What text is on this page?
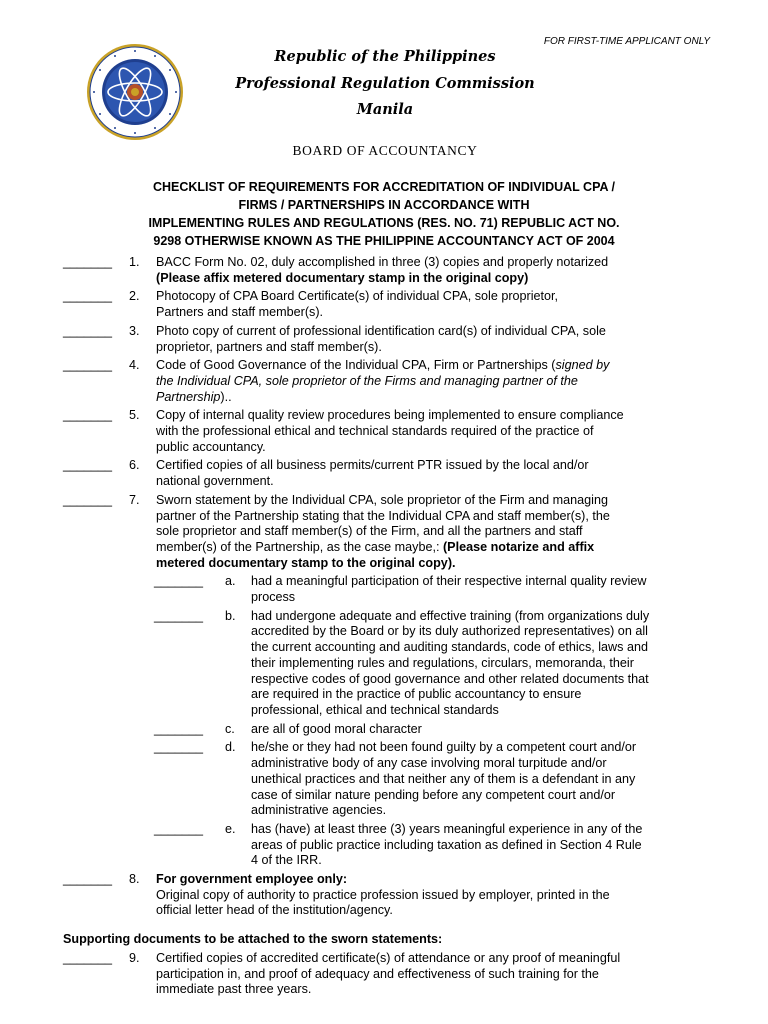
FOR FIRST-TIME APPLICANT ONLY
Republic of the Philippines
Professional Regulation Commission
Manila
BOARD OF ACCOUNTANCY
CHECKLIST OF REQUIREMENTS FOR ACCREDITATION OF INDIVIDUAL CPA /
FIRMS / PARTNERSHIPS IN ACCORDANCE WITH
IMPLEMENTING RULES AND REGULATIONS (RES. NO. 71) REPUBLIC ACT NO.
9298 OTHERWISE KNOWN AS THE PHILIPPINE ACCOUNTANCY ACT OF 2004
_______ 1. BACC Form No. 02, duly accomplished in three (3) copies and properly notarized
(Please affix metered documentary stamp in the original copy)
_______ 2. Photocopy of CPA Board Certificate(s) of individual CPA, sole proprietor,
Partners and staff member(s).
_______ 3. Photo copy of current of professional identification card(s) of individual CPA, sole
proprietor, partners and staff member(s).
_______ 4. Code of Good Governance of the Individual CPA, Firm or Partnerships (signed by
the Individual CPA, sole proprietor of the Firms and managing partner of the
Partnership)..
_______ 5. Copy of internal quality review procedures being implemented to ensure compliance
with the professional ethical and technical standards required of the practice of
public accountancy.
_______ 6. Certified copies of all business permits/current PTR issued by the local and/or
national government.
_______ 7. Sworn statement by the Individual CPA, sole proprietor of the Firm and managing
partner of the Partnership stating that the Individual CPA and staff member(s), the
sole proprietor and staff member(s) of the Firm, and all the partners and staff
member(s) of the Partnership, as the case maybe,: (Please notarize and affix
metered documentary stamp to the original copy).
_______ a. had a meaningful participation of their respective internal quality review
process
_______ b. had undergone adequate and effective training (from organizations duly
accredited by the Board or by its duly authorized representatives) on all
the current accounting and auditing standards, code of ethics, laws and
their implementing rules and regulations, circulars, memoranda, their
respective codes of good governance and other related documents that
are required in the practice of public accountancy to ensure
professional, ethical and technical standards
_______ c. are all of good moral character
_______ d. he/she or they had not been found guilty by a competent court and/or
administrative body of any case involving moral turpitude and/or
unethical practices and that neither any of them is a defendant in any
case of similar nature pending before any competent court and/or
administrative agencies.
_______ e. has (have) at least three (3) years meaningful experience in any of the
areas of public practice including taxation as defined in Section 4 Rule
4 of the IRR.
_______ 8. For government employee only:
Original copy of authority to practice profession issued by employer, printed in the
official letter head of the institution/agency.
Supporting documents to be attached to the sworn statements:
_______ 9. Certified copies of accredited certificate(s) of attendance or any proof of meaningful
participation in, and proof of adequacy and effectiveness of such training for the
immediate past three years.
